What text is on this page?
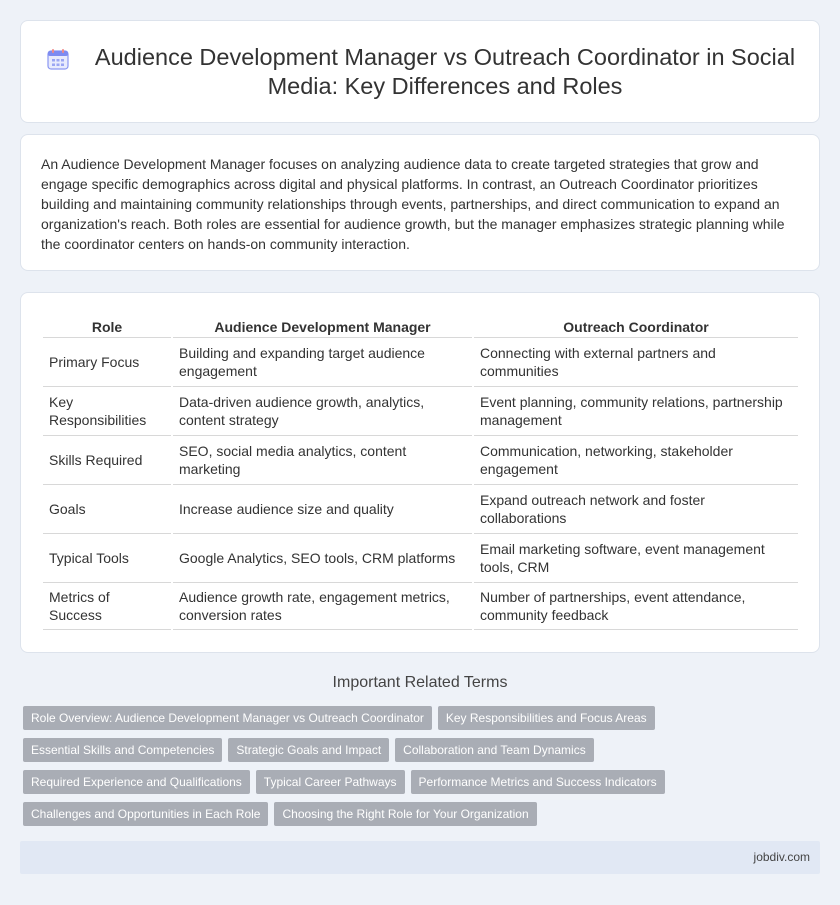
Audience Development Manager vs Outreach Coordinator in Social Media: Key Differences and Roles

An Audience Development Manager focuses on analyzing audience data to create targeted strategies that grow and engage specific demographics across digital and physical platforms. In contrast, an Outreach Coordinator prioritizes building and maintaining community relationships through events, partnerships, and direct communication to expand an organization's reach. Both roles are essential for audience growth, but the manager emphasizes strategic planning while the coordinator centers on hands-on community interaction.

Role	Audience Development Manager	Outreach Coordinator
Primary Focus	Building and expanding target audience engagement	Connecting with external partners and communities
Key Responsibilities	Data-driven audience growth, analytics, content strategy	Event planning, community relations, partnership management
Skills Required	SEO, social media analytics, content marketing	Communication, networking, stakeholder engagement
Goals	Increase audience size and quality	Expand outreach network and foster collaborations
Typical Tools	Google Analytics, SEO tools, CRM platforms	Email marketing software, event management tools, CRM
Metrics of Success	Audience growth rate, engagement metrics, conversion rates	Number of partnerships, event attendance, community feedback
Important Related Terms
Role Overview: Audience Development Manager vs Outreach Coordinator	Key Responsibilities and Focus Areas
Essential Skills and Competencies	Strategic Goals and Impact	Collaboration and Team Dynamics
Required Experience and Qualifications	Typical Career Pathways	Performance Metrics and Success Indicators
Challenges and Opportunities in Each Role	Choosing the Right Role for Your Organization
jobdiv.com
